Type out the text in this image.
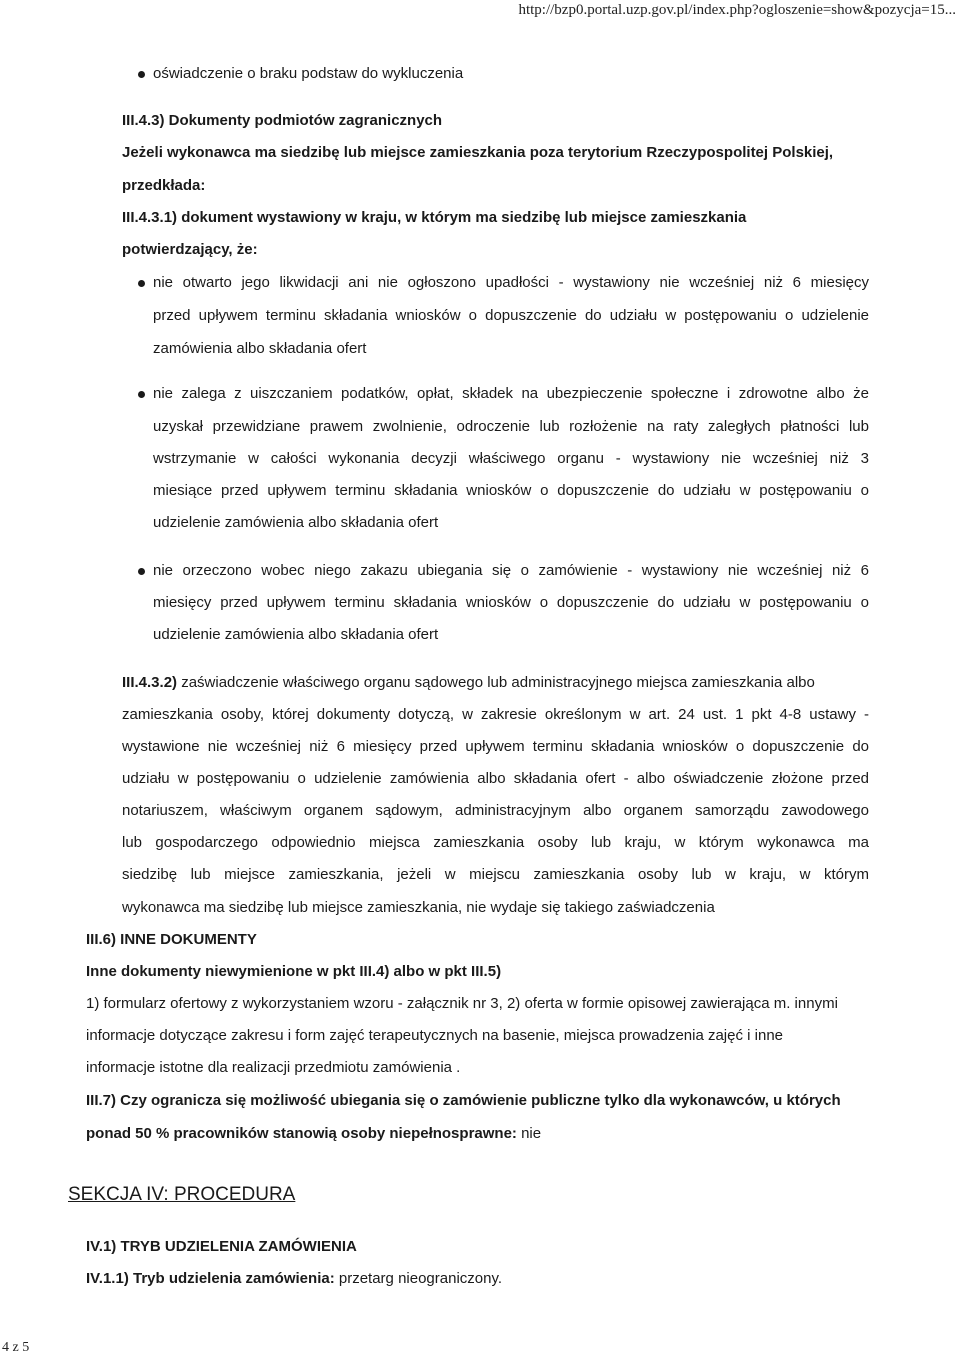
http://bzp0.portal.uzp.gov.pl/index.php?ogloszenie=show&pozycja=15...
oświadczenie o braku podstaw do wykluczenia
III.4.3) Dokumenty podmiotów zagranicznych
Jeżeli wykonawca ma siedzibę lub miejsce zamieszkania poza terytorium Rzeczypospolitej Polskiej,
przedkłada:
III.4.3.1) dokument wystawiony w kraju, w którym ma siedzibę lub miejsce zamieszkania
potwierdzający, że:
nie otwarto jego likwidacji ani nie ogłoszono upadłości - wystawiony nie wcześniej niż 6 miesięcy
przed upływem terminu składania wniosków o dopuszczenie do udziału w postępowaniu o udzielenie
zamówienia albo składania ofert
nie zalega z uiszczaniem podatków, opłat, składek na ubezpieczenie społeczne i zdrowotne albo że
uzyskał przewidziane prawem zwolnienie, odroczenie lub rozłożenie na raty zaległych płatności lub
wstrzymanie w całości wykonania decyzji właściwego organu - wystawiony nie wcześniej niż 3
miesiące przed upływem terminu składania wniosków o dopuszczenie do udziału w postępowaniu o
udzielenie zamówienia albo składania ofert
nie orzeczono wobec niego zakazu ubiegania się o zamówienie - wystawiony nie wcześniej niż 6
miesięcy przed upływem terminu składania wniosków o dopuszczenie do udziału w postępowaniu o
udzielenie zamówienia albo składania ofert
III.4.3.2) zaświadczenie właściwego organu sądowego lub administracyjnego miejsca zamieszkania albo
zamieszkania osoby, której dokumenty dotyczą, w zakresie określonym w art. 24 ust. 1 pkt 4-8 ustawy -
wystawione nie wcześniej niż 6 miesięcy przed upływem terminu składania wniosków o dopuszczenie do
udziału w postępowaniu o udzielenie zamówienia albo składania ofert - albo oświadczenie złożone przed
notariuszem, właściwym organem sądowym, administracyjnym albo organem samorządu zawodowego
lub gospodarczego odpowiednio miejsca zamieszkania osoby lub kraju, w którym wykonawca ma
siedzibę lub miejsce zamieszkania, jeżeli w miejscu zamieszkania osoby lub w kraju, w którym
wykonawca ma siedzibę lub miejsce zamieszkania, nie wydaje się takiego zaświadczenia
III.6) INNE DOKUMENTY
Inne dokumenty niewymienione w pkt III.4) albo w pkt III.5)
1) formularz ofertowy z wykorzystaniem wzoru - załącznik nr 3, 2) oferta w formie opisowej zawierająca m. innymi
informacje dotyczące zakresu i form zajęć terapeutycznych na basenie, miejsca prowadzenia zajęć i inne
informacje istotne dla realizacji przedmiotu zamówienia .
III.7) Czy ogranicza się możliwość ubiegania się o zamówienie publiczne tylko dla wykonawców, u których
ponad 50 % pracowników stanowią osoby niepełnosprawne: nie
SEKCJA IV: PROCEDURA
IV.1) TRYB UDZIELENIA ZAMÓWIENIA
IV.1.1) Tryb udzielenia zamówienia: przetarg nieograniczony.
4 z 5
